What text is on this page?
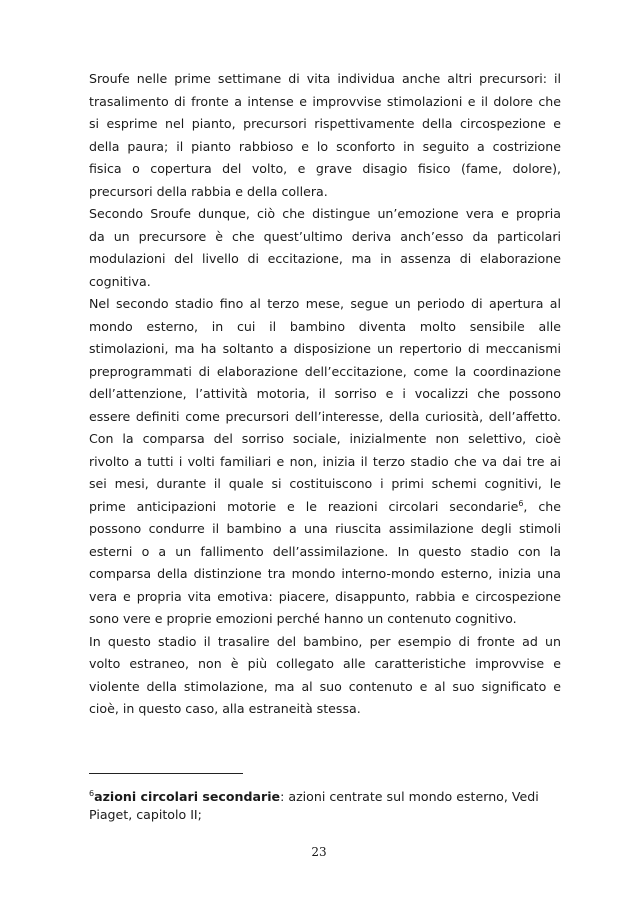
Sroufe nelle prime settimane di vita individua anche altri precursori: il
trasalimento di fronte a intense e improvvise stimolazioni e il dolore che
si esprime nel pianto, precursori rispettivamente della circospezione e
della paura; il pianto rabbioso e lo sconforto in seguito a costrizione
fisica o copertura del volto, e grave disagio fisico (fame, dolore),
precursori della rabbia e della collera.
Secondo Sroufe dunque, ciò che distingue un’emozione vera e propria
da un precursore è che quest’ultimo deriva anch’esso da particolari
modulazioni del livello di eccitazione, ma in assenza di elaborazione
cognitiva.
Nel secondo stadio fino al terzo mese, segue un periodo di apertura al
mondo esterno, in cui il bambino diventa molto sensibile alle
stimolazioni, ma ha soltanto a disposizione un repertorio di meccanismi
preprogrammati di elaborazione dell’eccitazione, come la coordinazione
dell’attenzione, l’attività motoria, il sorriso e i vocalizzi che possono
essere definiti come precursori dell’interesse, della curiosità, dell’affetto.
Con la comparsa del sorriso sociale, inizialmente non selettivo, cioè
rivolto a tutti i volti familiari e non, inizia il terzo stadio che va dai tre ai
sei mesi, durante il quale si costituiscono i primi schemi cognitivi, le
prime anticipazioni motorie e le reazioni circolari secondarie$^6$, che
possono condurre il bambino a una riuscita assimilazione degli stimoli
esterni o a un fallimento dell’assimilazione. In questo stadio con la
comparsa della distinzione tra mondo interno-mondo esterno, inizia una
vera e propria vita emotiva: piacere, disappunto, rabbia e circospezione
sono vere e proprie emozioni perché hanno un contenuto cognitivo.
In questo stadio il trasalire del bambino, per esempio di fronte ad un
volto estraneo, non è più collegato alle caratteristiche improvvise e
violente della stimolazione, ma al suo contenuto e al suo significato e
cioè, in questo caso, alla estraneità stessa.
$^6$azioni circolari secondarie: azioni centrate sul mondo esterno, Vedi Piaget, capitolo II;
23
